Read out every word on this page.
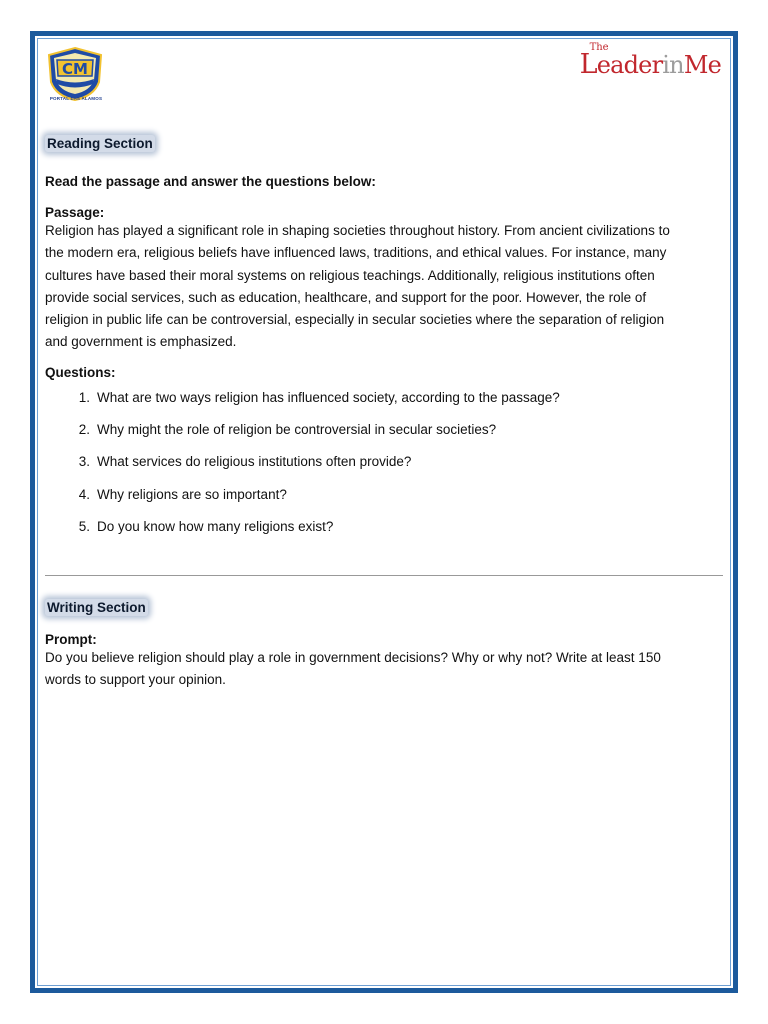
CM
PORTAL LAS ALAMOS
The
LeaderinMe
Reading Section
Read the passage and answer the questions below:
Passage:
Religion has played a significant role in shaping societies throughout history. From ancient civilizations to
the modern era, religious beliefs have influenced laws, traditions, and ethical values. For instance, many
cultures have based their moral systems on religious teachings. Additionally, religious institutions often
provide social services, such as education, healthcare, and support for the poor. However, the role of
religion in public life can be controversial, especially in secular societies where the separation of religion
and government is emphasized.
Questions:
1. What are two ways religion has influenced society, according to the passage?
2. Why might the role of religion be controversial in secular societies?
3. What services do religious institutions often provide?
4. Why religions are so important?
5. Do you know how many religions exist?
Writing Section
Prompt:
Do you believe religion should play a role in government decisions? Why or why not? Write at least 150
words to support your opinion.
